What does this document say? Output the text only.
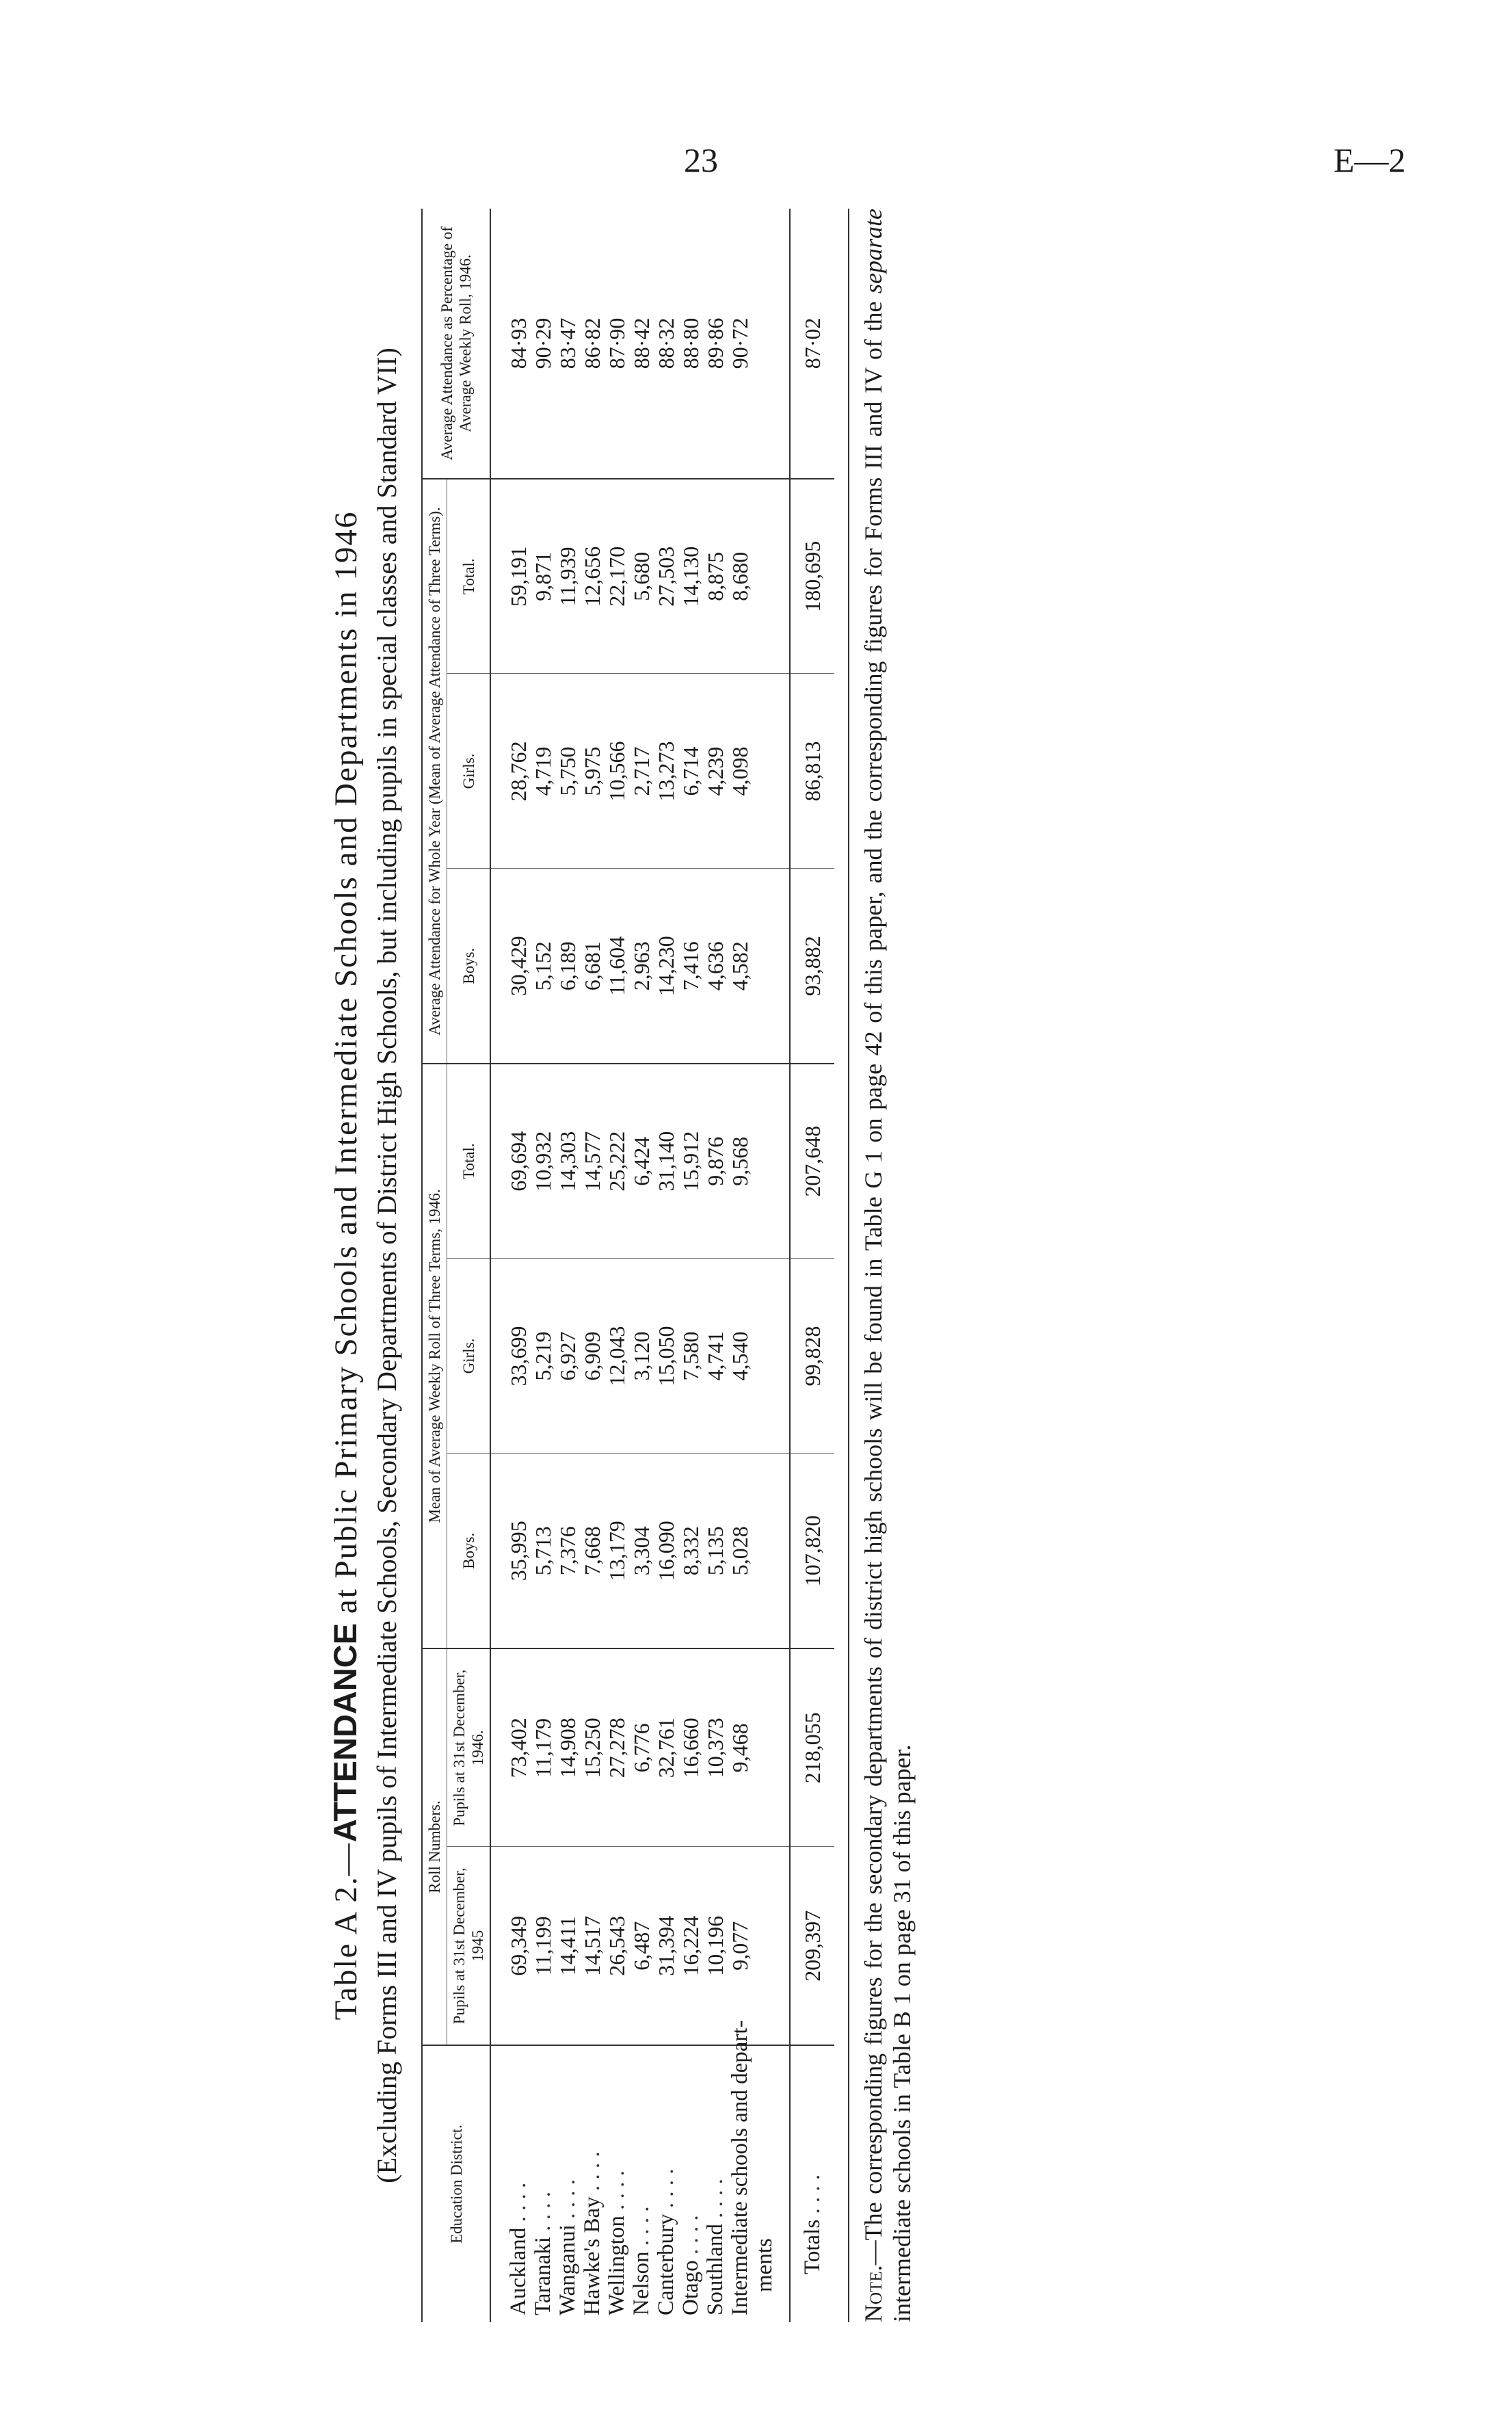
23	E—2
Table A 2.—ATTENDANCE at Public Primary Schools and Intermediate Schools and Departments in 1946 (Excluding Forms III and IV pupils of Intermediate Schools, Secondary Departments of District High Schools, but including pupils in special classes and Standard VII)
Education District.	Roll Numbers.		Mean of Average Weekly Roll of Three Terms, 1946.			Average Attendance for Whole Year (Mean of Average Attendance of Three Terms).			Average Attendance as Percentage of Average Weekly Roll, 1946.
	Pupils at 31st December, 1945	Pupils at 31st December, 1946.	Boys.	Girls.	Total.	Boys.	Girls.	Total.	
Auckland . . . .	69,349	73,402	35,995	33,699	69,694	30,429	28,762	59,191	84·93
Taranaki . . . .	11,199	11,179	5,713	5,219	10,932	5,152	4,719	9,871	90·29
Wanganui . . . .	14,411	14,908	7,376	6,927	14,303	6,189	5,750	11,939	83·47
Hawke's Bay . . . .	14,517	15,250	7,668	6,909	14,577	6,681	5,975	12,656	86·82
Wellington . . . .	26,543	27,278	13,179	12,043	25,222	11,604	10,566	22,170	87·90
Nelson . . . .	6,487	6,776	3,304	3,120	6,424	2,963	2,717	5,680	88·42
Canterbury . . . .	31,394	32,761	16,090	15,050	31,140	14,230	13,273	27,503	88·32
Otago . . . .	16,224	16,660	8,332	7,580	15,912	7,416	6,714	14,130	88·80
Southland . . . .	10,196	10,373	5,135	4,741	9,876	4,636	4,239	8,875	89·86
Intermediate schools and depart- ments	9,077	9,468	5,028	4,540	9,568	4,582	4,098	8,680	90·72
Totals . . . .	209,397	218,055	107,820	99,828	207,648	93,882	86,813	180,695	87·02
Note.—The corresponding figures for the secondary departments of district high schools will be found in Table G 1 on page 42 of this paper, and the corresponding figures for Forms III and IV of the separate intermediate schools in Table B 1 on page 31 of this paper.
